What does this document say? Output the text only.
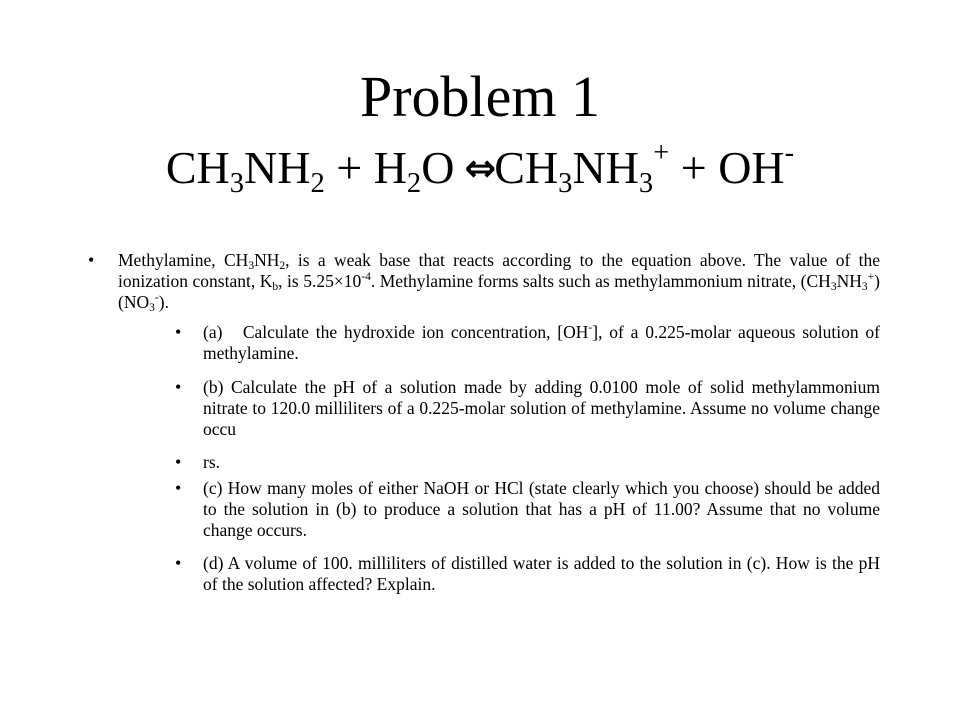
Problem 1
$CH_3NH_2 + H_2O$ $\Leftrightarrow CH_3NH_3^+ + OH^-$
• Methylamine, $CH_3NH_2$, is a weak base that reacts according to the equation above. The value of the ionization constant, $K_b$, is $5.25\times 10^{-4}$. Methylamine forms salts such as methylammonium nitrate, $(CH_3NH_3^+)(NO_3^-)$.
• (a)   Calculate the hydroxide ion concentration, [OH-], of a 0.225-molar aqueous solution of methylamine.
• (b) Calculate the pH of a solution made by adding 0.0100 mole of solid methylammonium nitrate to 120.0 milliliters of a 0.225-molar solution of methylamine. Assume no volume change occu
• rs.
• (c) How many moles of either NaOH or HCl (state clearly which you choose) should be added to the solution in (b) to produce a solution that has a pH of 11.00? Assume that no volume change occurs.
• (d) A volume of 100. milliliters of distilled water is added to the solution in (c). How is the pH of the solution affected? Explain.
